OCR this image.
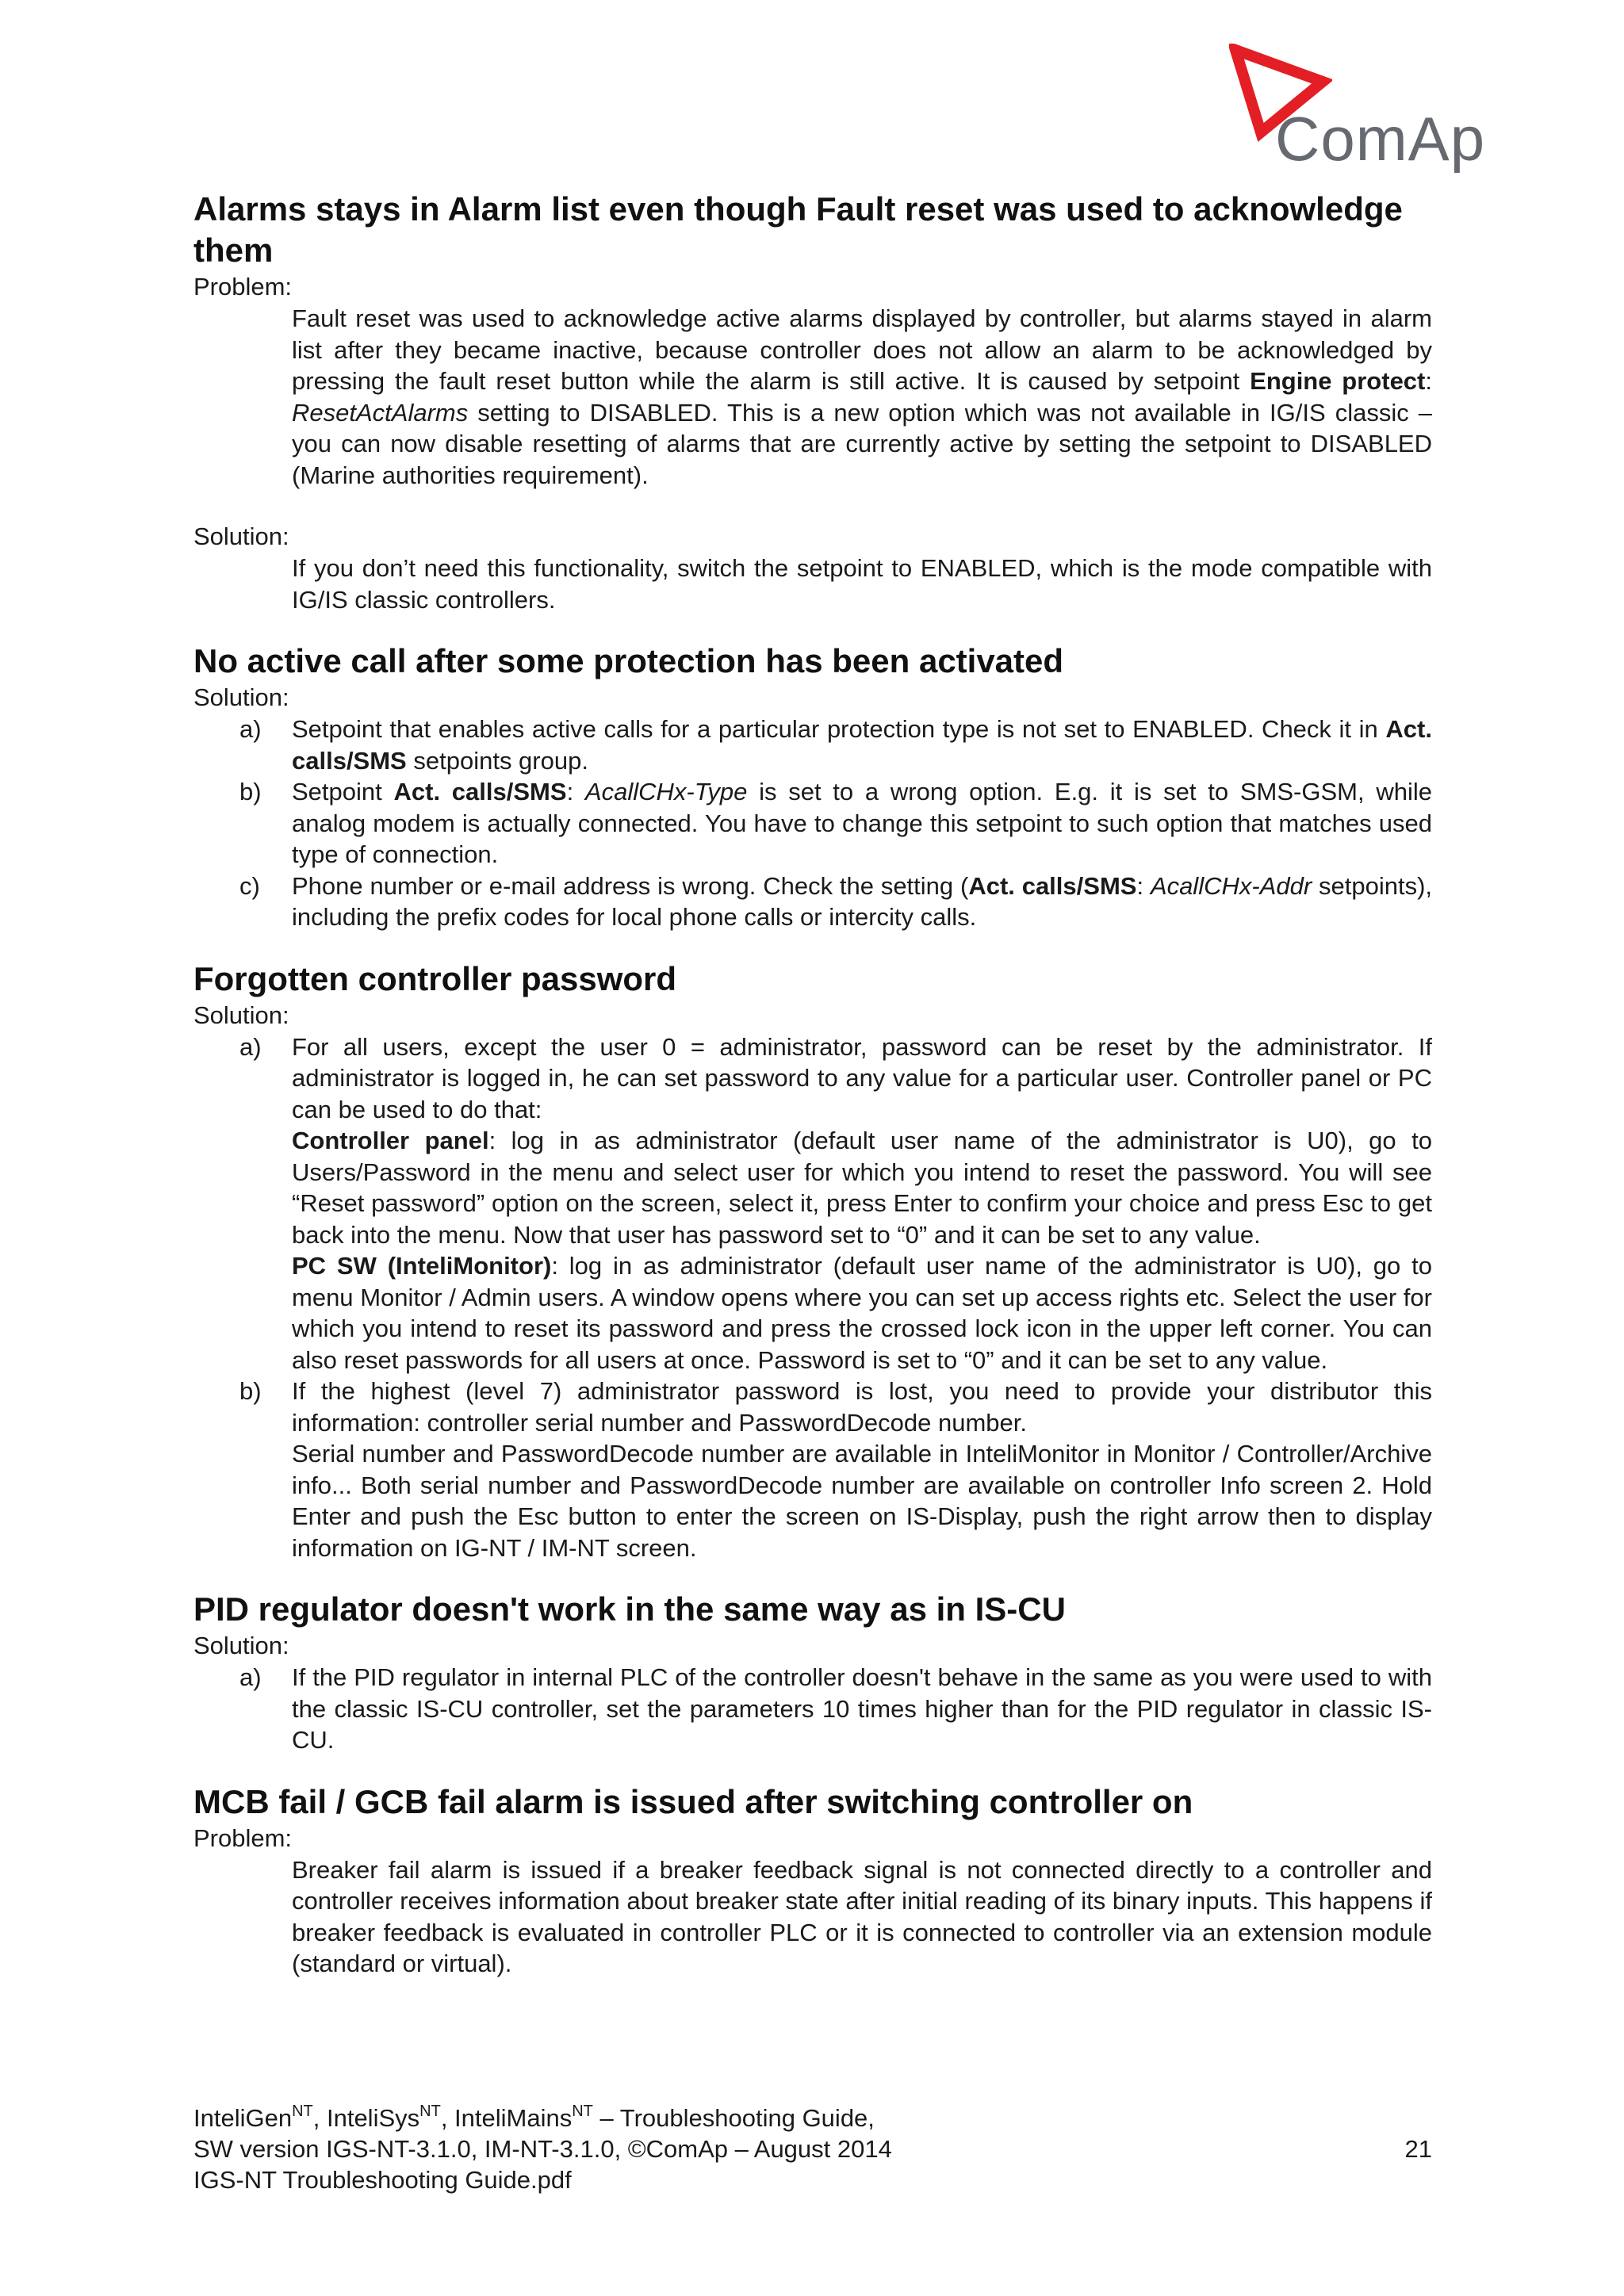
ComAp
Alarms stays in Alarm list even though Fault reset was used to acknowledge them

Problem:

Fault reset was used to acknowledge active alarms displayed by controller, but alarms stayed in alarm list after they became inactive, because controller does not allow an alarm to be acknowledged by pressing the fault reset button while the alarm is still active. It is caused by setpoint Engine protect: ResetActAlarms setting to DISABLED. This is a new option which was not available in IG/IS classic – you can now disable resetting of alarms that are currently active by setting the setpoint to DISABLED (Marine authorities requirement).

Solution:

If you don’t need this functionality, switch the setpoint to ENABLED, which is the mode compatible with IG/IS classic controllers.

No active call after some protection has been activated

Solution:

a) Setpoint that enables active calls for a particular protection type is not set to ENABLED. Check it in Act. calls/SMS setpoints group.
b) Setpoint Act. calls/SMS: AcallCHx-Type is set to a wrong option. E.g. it is set to SMS-GSM, while analog modem is actually connected. You have to change this setpoint to such option that matches used type of connection.
c) Phone number or e-mail address is wrong. Check the setting (Act. calls/SMS: AcallCHx-Addr setpoints), including the prefix codes for local phone calls or intercity calls.
Forgotten controller password

Solution:

a) For all users, except the user 0 = administrator, password can be reset by the administrator. If administrator is logged in, he can set password to any value for a particular user. Controller panel or PC can be used to do that:
Controller panel: log in as administrator (default user name of the administrator is U0), go to Users/Password in the menu and select user for which you intend to reset the password. You will see “Reset password” option on the screen, select it, press Enter to confirm your choice and press Esc to get back into the menu. Now that user has password set to “0” and it can be set to any value.
PC SW (InteliMonitor): log in as administrator (default user name of the administrator is U0), go to menu Monitor / Admin users. A window opens where you can set up access rights etc. Select the user for which you intend to reset its password and press the crossed lock icon in the upper left corner. You can also reset passwords for all users at once. Password is set to “0” and it can be set to any value.
b) If the highest (level 7) administrator password is lost, you need to provide your distributor this information: controller serial number and PasswordDecode number.
Serial number and PasswordDecode number are available in InteliMonitor in Monitor / Controller/Archive info... Both serial number and PasswordDecode number are available on controller Info screen 2. Hold Enter and push the Esc button to enter the screen on IS-Display, push the right arrow then to display information on IG-NT / IM-NT screen.
PID regulator doesn't work in the same way as in IS-CU

Solution:

a) If the PID regulator in internal PLC of the controller doesn't behave in the same as you were used to with the classic IS-CU controller, set the parameters 10 times higher than for the PID regulator in classic IS-CU.
MCB fail / GCB fail alarm is issued after switching controller on

Problem:

Breaker fail alarm is issued if a breaker feedback signal is not connected directly to a controller and controller receives information about breaker state after initial reading of its binary inputs. This happens if breaker feedback is evaluated in controller PLC or it is connected to controller via an extension module (standard or virtual).

InteliGen$^{NT}$, InteliSys$^{NT}$, InteliMains$^{NT}$ – Troubleshooting Guide,
SW version IGS-NT-3.1.0, IM-NT-3.1.0, ©ComAp – August 2014
IGS-NT Troubleshooting Guide.pdf
21
